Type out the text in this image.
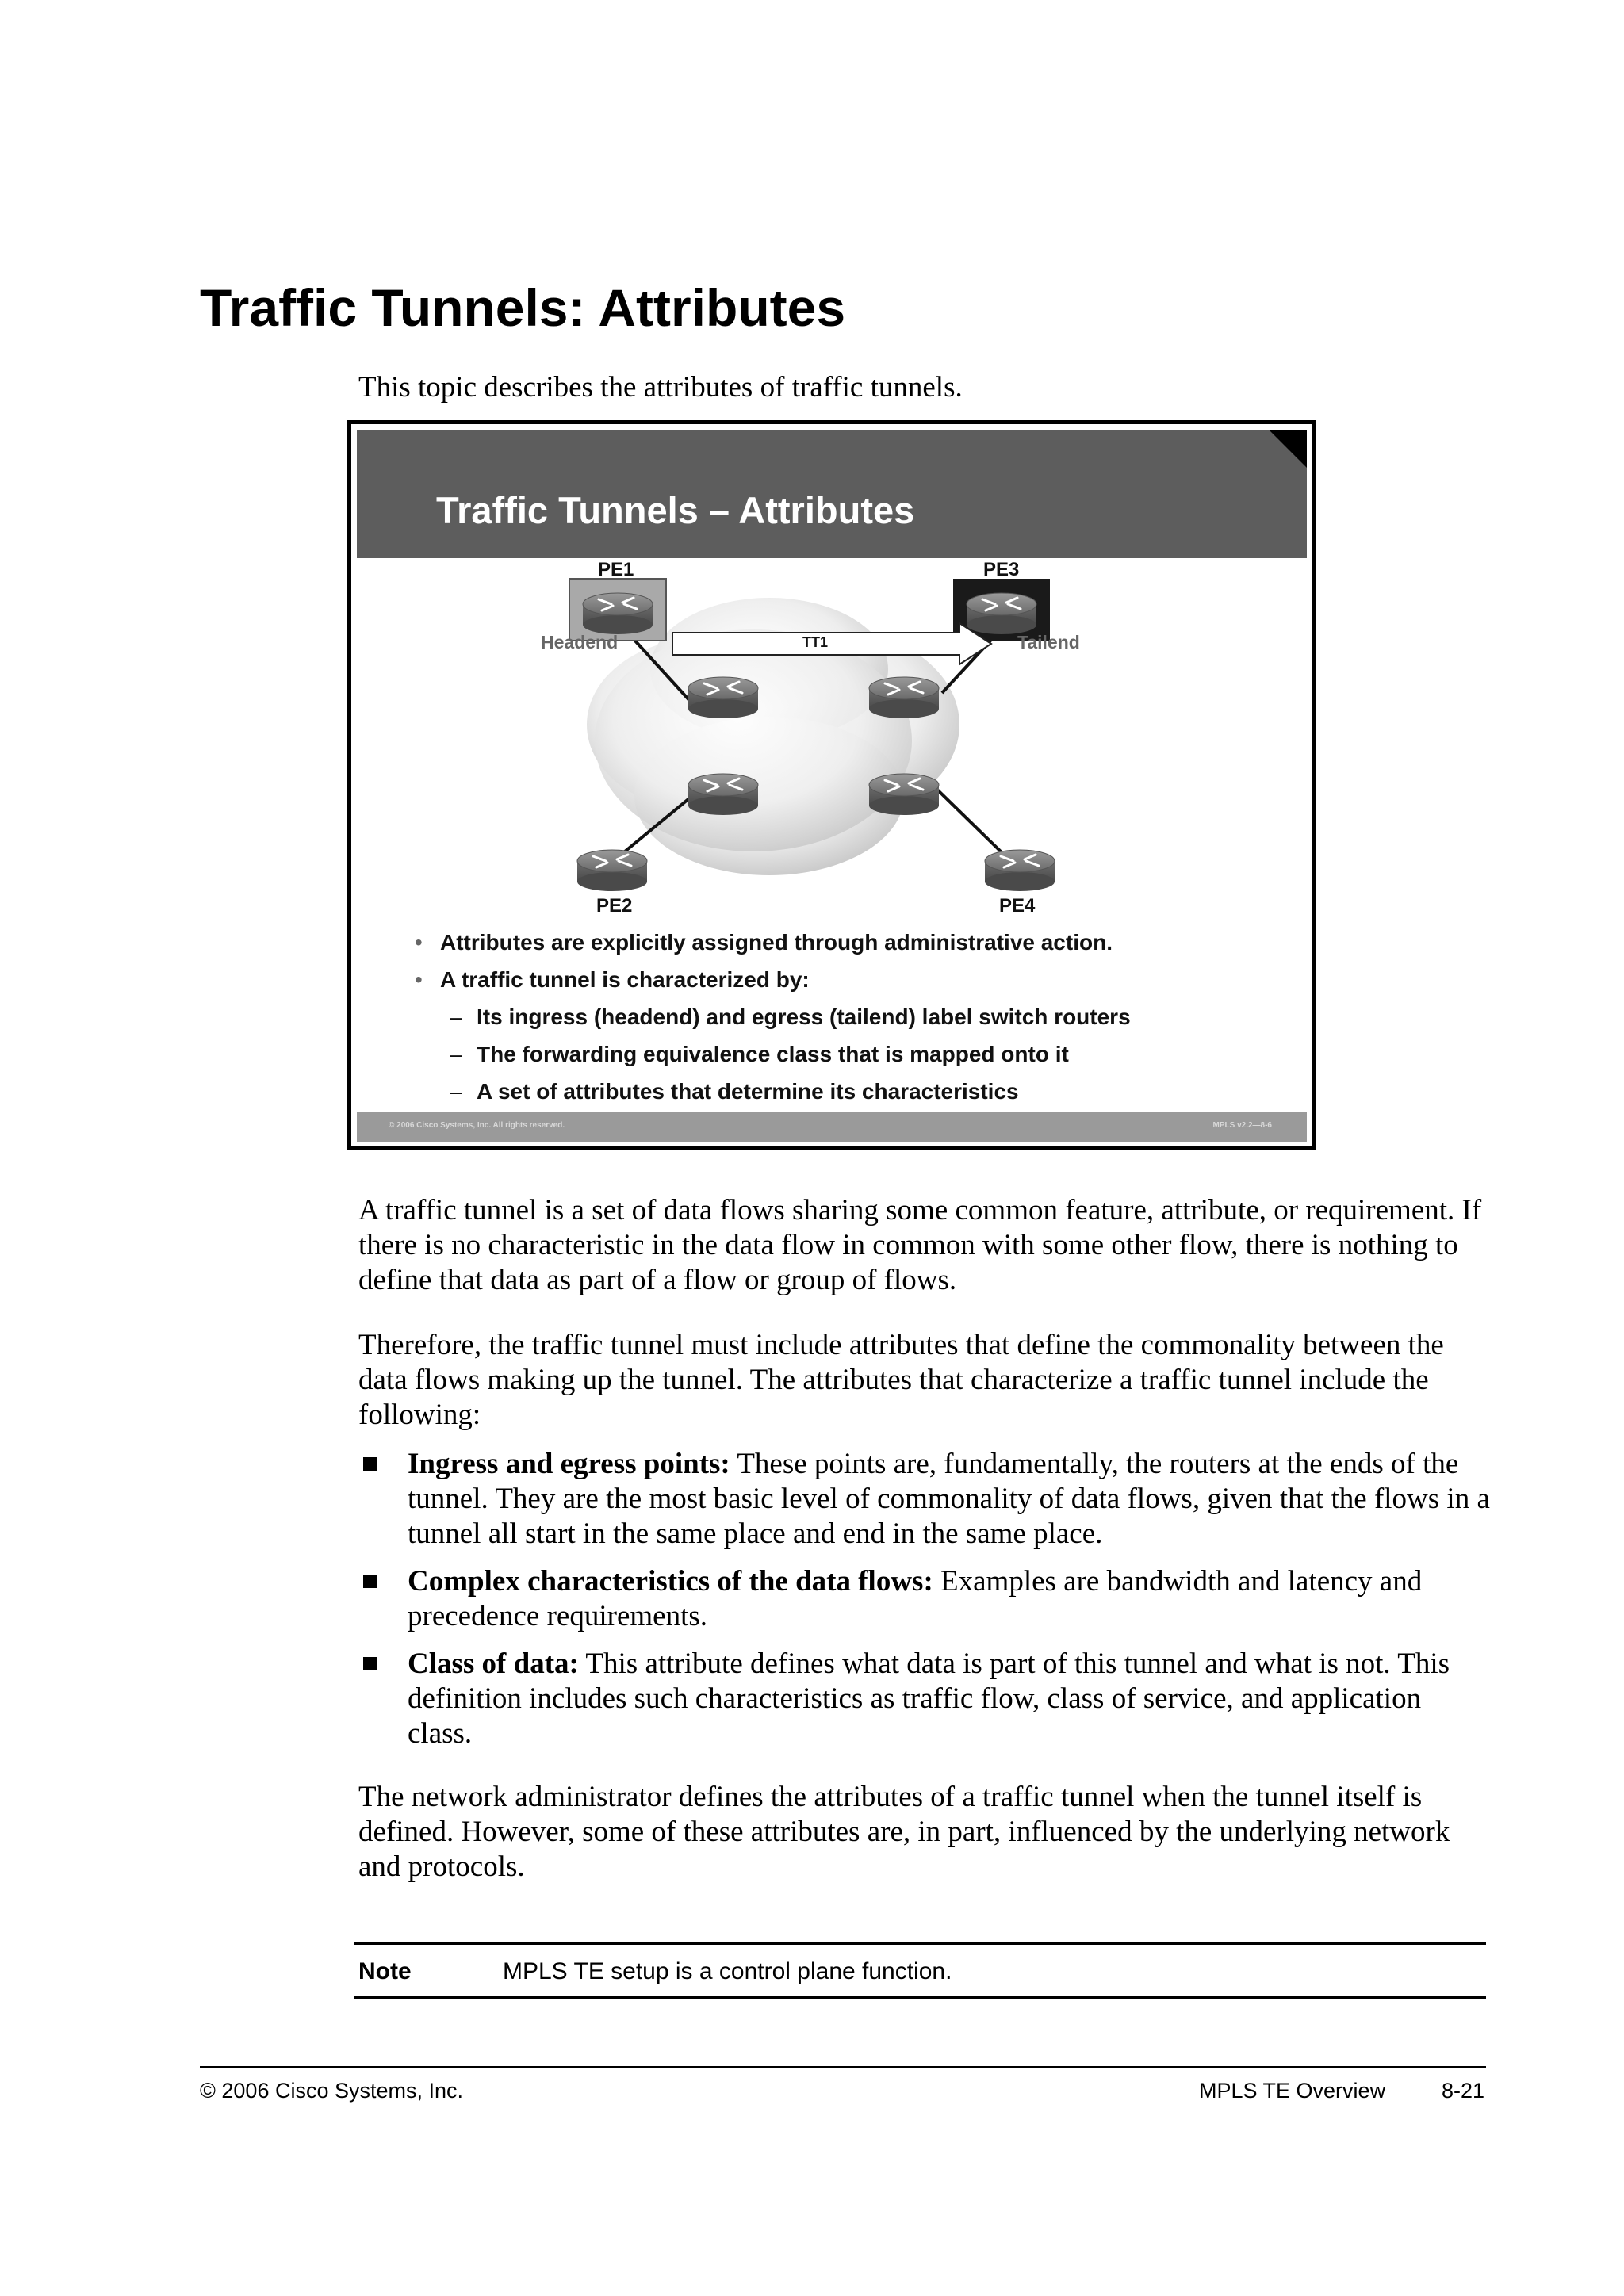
Traffic Tunnels: Attributes

This topic describes the attributes of traffic tunnels.

Traffic Tunnels – Attributes
PE1	PE3
PE2	PE4
TT1
Headend	Tailend
• Attributes are explicitly assigned through administrative action.
• A traffic tunnel is characterized by:
– Its ingress (headend) and egress (tailend) label switch routers
– The forwarding equivalence class that is mapped onto it
– A set of attributes that determine its characteristics
© 2006 Cisco Systems, Inc. All rights reserved.	MPLS v2.2—8-6

A traffic tunnel is a set of data flows sharing some common feature, attribute, or requirement. If there is no characteristic in the data flow in common with some other flow, there is nothing to define that data as part of a flow or group of flows.

Therefore, the traffic tunnel must include attributes that define the commonality between the data flows making up the tunnel. The attributes that characterize a traffic tunnel include the following:

Ingress and egress points: These points are, fundamentally, the routers at the ends of the tunnel. They are the most basic level of commonality of data flows, given that the flows in a tunnel all start in the same place and end in the same place.
Complex characteristics of the data flows: Examples are bandwidth and latency and precedence requirements.
Class of data: This attribute defines what data is part of this tunnel and what is not. This definition includes such characteristics as traffic flow, class of service, and application class.

The network administrator defines the attributes of a traffic tunnel when the tunnel itself is defined. However, some of these attributes are, in part, influenced by the underlying network and protocols.

Note	MPLS TE setup is a control plane function.
© 2006 Cisco Systems, Inc.	MPLS TE Overview	8-21
